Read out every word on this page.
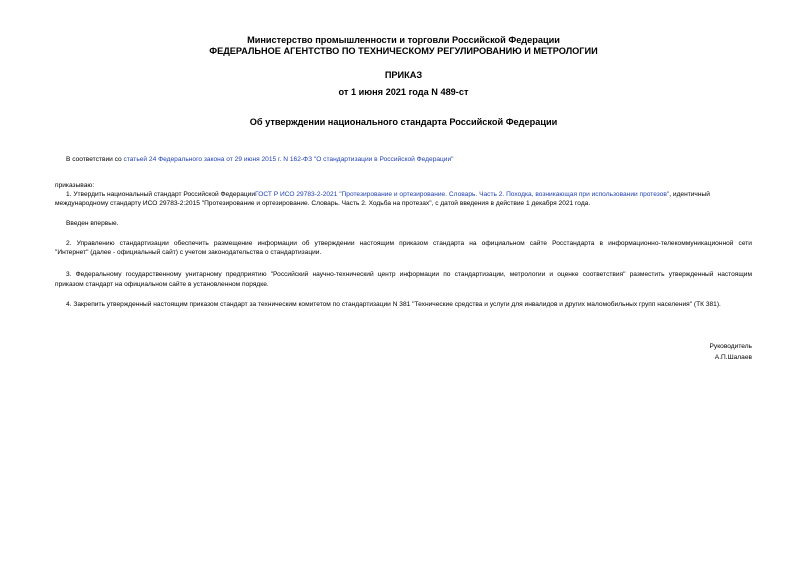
Министерство промышленности и торговли Российской Федерации
ФЕДЕРАЛЬНОЕ АГЕНТСТВО ПО ТЕХНИЧЕСКОМУ РЕГУЛИРОВАНИЮ И МЕТРОЛОГИИ
ПРИКАЗ
от 1 июня 2021 года N 489-ст
Об утверждении национального стандарта Российской Федерации
В соответствии со статьей 24 Федерального закона от 29 июня 2015 г. N 162-ФЗ "О стандартизации в Российской Федерации"
приказываю:
1. Утвердить национальный стандарт Российской ФедерацииГОСТ Р ИСО 29783-2-2021 "Протезирование и ортезирование. Словарь. Часть 2. Походка, возникающая при использовании протезов", идентичный
международному стандарту ИСО 29783-2:2015 "Протезирование и ортезирование. Словарь. Часть 2. Ходьба на протезах", с датой введения в действие 1 декабря 2021 года.
Введен впервые.
2. Управлению стандартизации обеспечить размещение информации об утверждении настоящим приказом стандарта на официальном сайте Росстандарта в информационно-телекоммуникационной сети
"Интернет" (далее - официальный сайт) с учетом законодательства о стандартизации.
3. Федеральному государственному унитарному предприятию "Российский научно-технический центр информации по стандартизации, метрологии и оценке соответствия" разместить утвержденный настоящим
приказом стандарт на официальном сайте в установленном порядке.
4. Закрепить утвержденный настоящим приказом стандарт за техническим комитетом по стандартизации N 381 "Технические средства и услуги для инвалидов и других маломобильных групп населения" (ТК 381).
Руководитель
А.П.Шалаев
